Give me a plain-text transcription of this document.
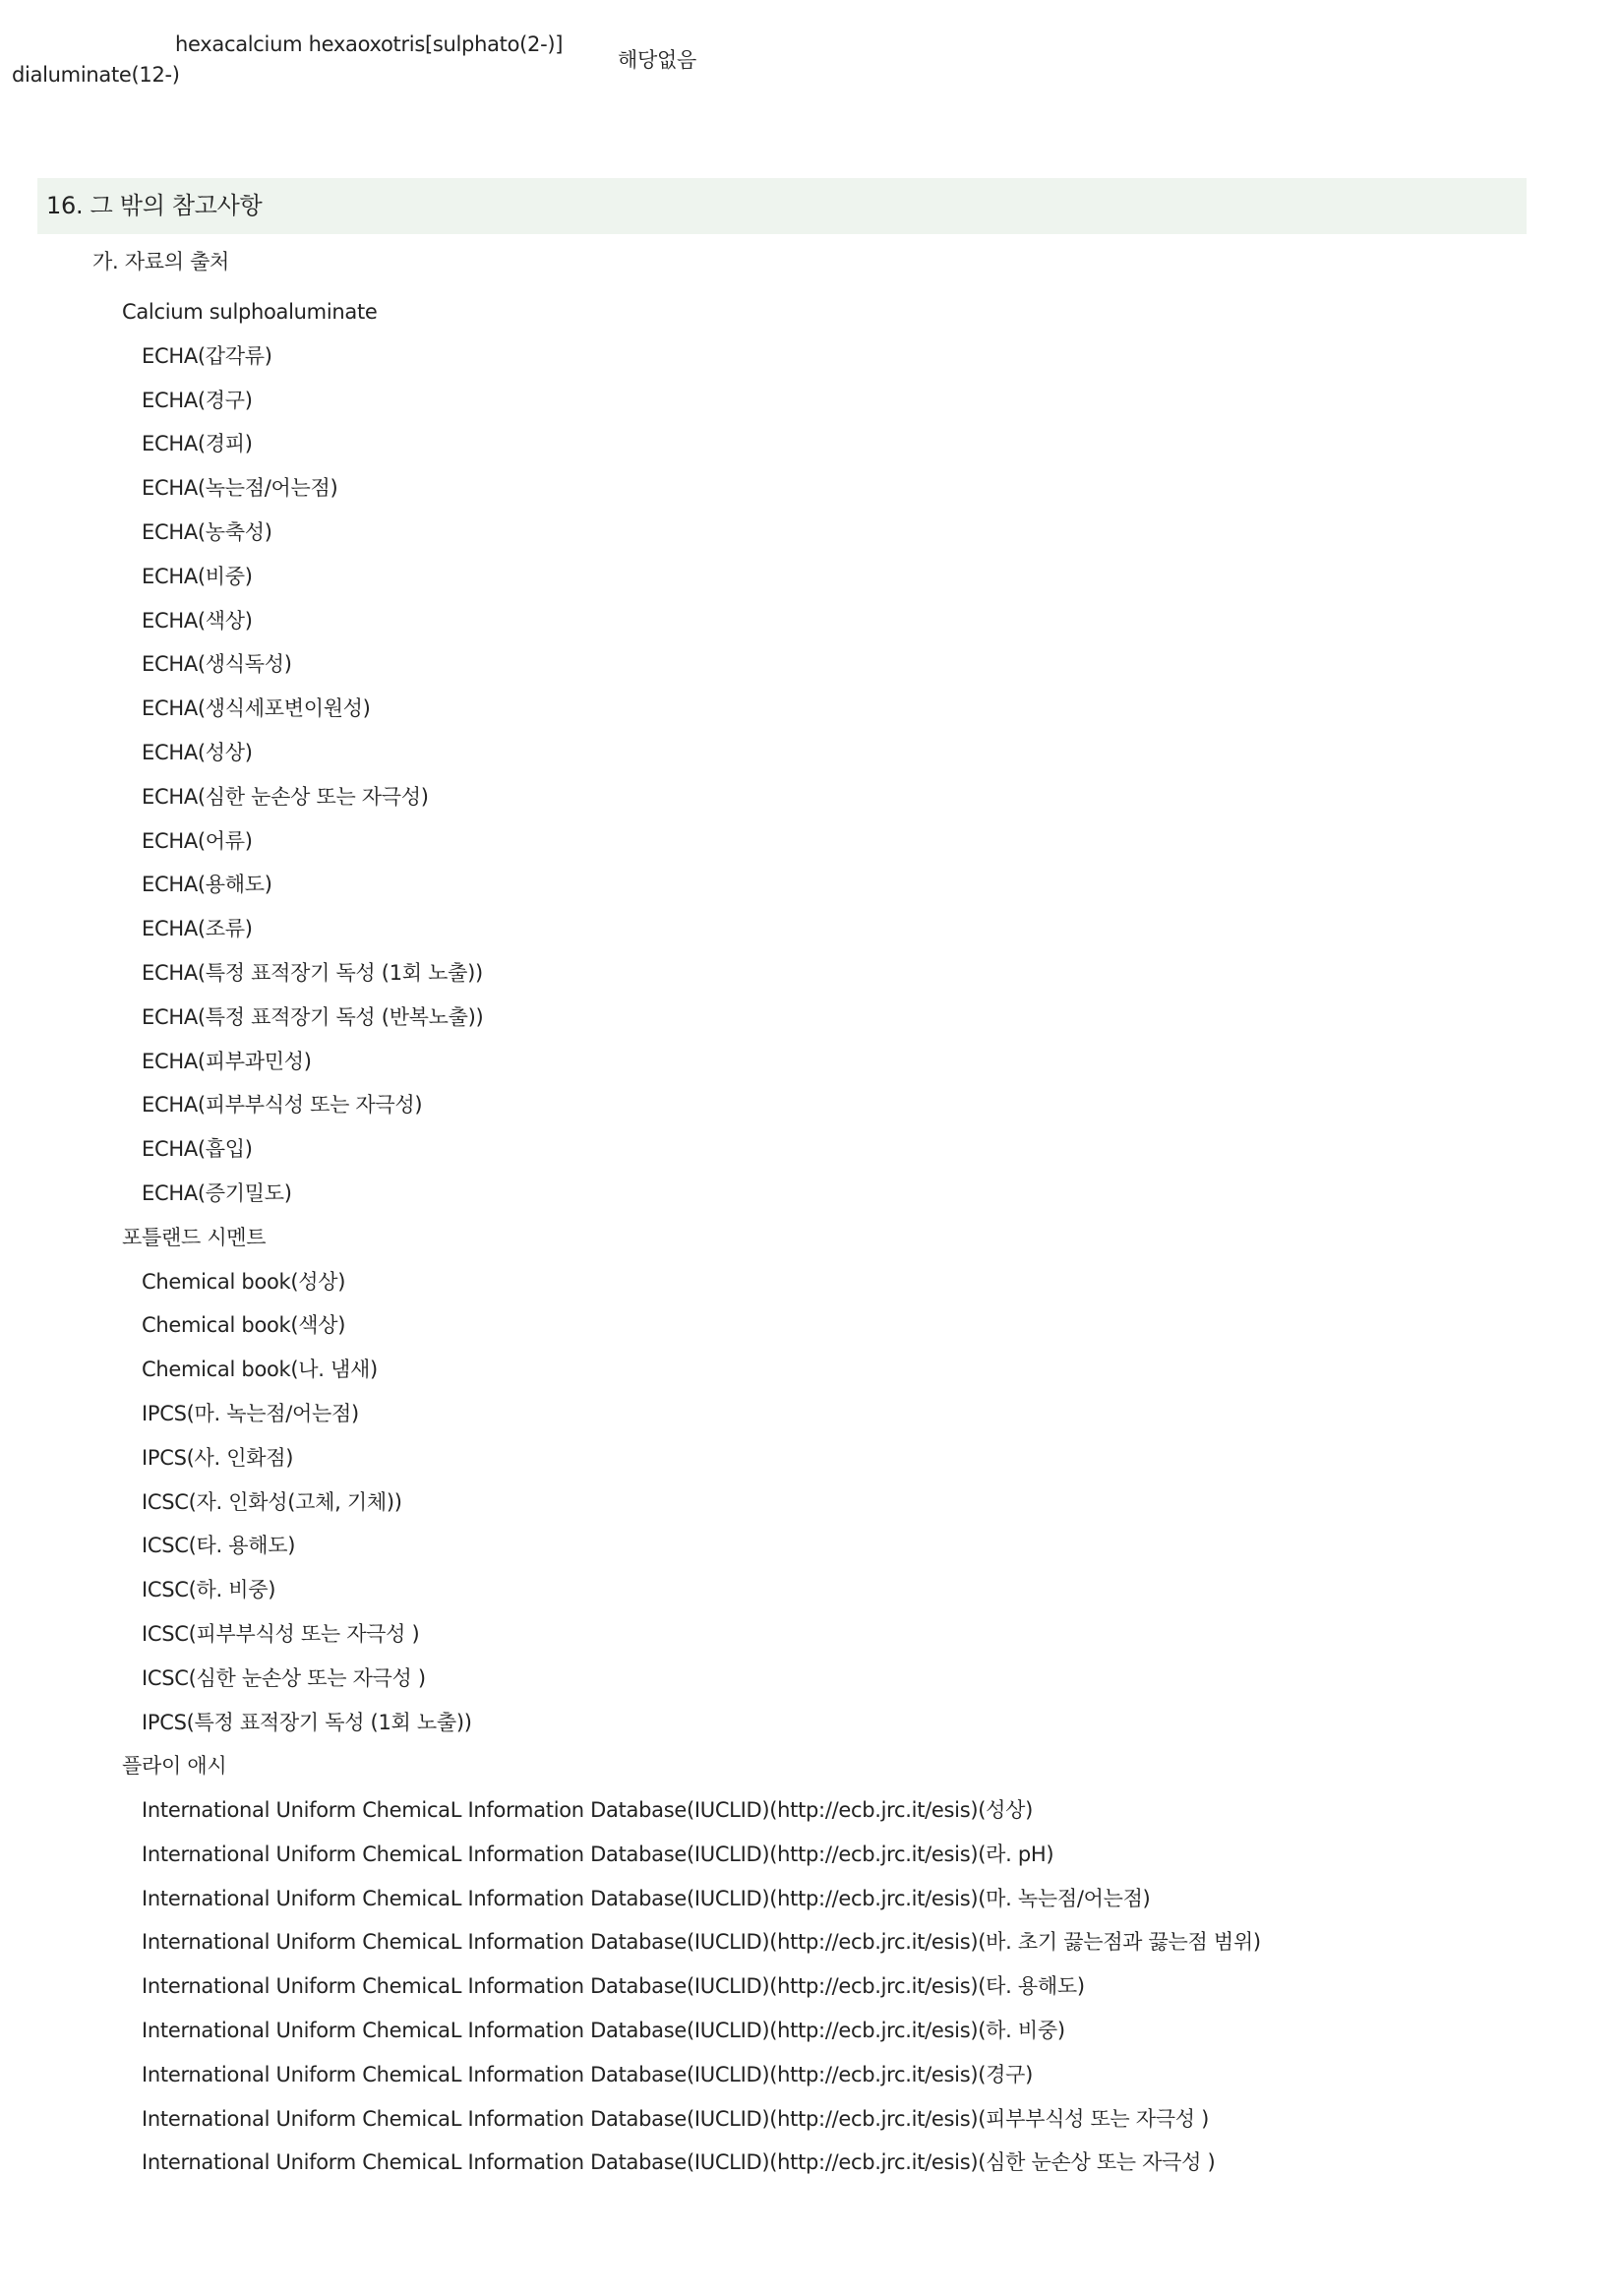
hexacalcium hexaoxotris[sulphato(2-)]
dialuminate(12-)
해당없음
16. 그 밖의 참고사항
가. 자료의 출처
Calcium sulphoaluminate
ECHA(갑각류)
ECHA(경구)
ECHA(경피)
ECHA(녹는점/어는점)
ECHA(농축성)
ECHA(비중)
ECHA(색상)
ECHA(생식독성)
ECHA(생식세포변이원성)
ECHA(성상)
ECHA(심한 눈손상 또는 자극성)
ECHA(어류)
ECHA(용해도)
ECHA(조류)
ECHA(특정 표적장기 독성 (1회 노출))
ECHA(특정 표적장기 독성 (반복노출))
ECHA(피부과민성)
ECHA(피부부식성 또는 자극성)
ECHA(흡입)
ECHA(증기밀도)
포틀랜드 시멘트
Chemical book(성상)
Chemical book(색상)
Chemical book(나. 냄새)
IPCS(마. 녹는점/어는점)
IPCS(사. 인화점)
ICSC(자. 인화성(고체, 기체))
ICSC(타. 용해도)
ICSC(하. 비중)
ICSC(피부부식성 또는 자극성 )
ICSC(심한 눈손상 또는 자극성 )
IPCS(특정 표적장기 독성 (1회 노출))
플라이 애시
International Uniform ChemicaL Information Database(IUCLID)(http://ecb.jrc.it/esis)(성상)
International Uniform ChemicaL Information Database(IUCLID)(http://ecb.jrc.it/esis)(라. pH)
International Uniform ChemicaL Information Database(IUCLID)(http://ecb.jrc.it/esis)(마. 녹는점/어는점)
International Uniform ChemicaL Information Database(IUCLID)(http://ecb.jrc.it/esis)(바. 초기 끓는점과 끓는점 범위)
International Uniform ChemicaL Information Database(IUCLID)(http://ecb.jrc.it/esis)(타. 용해도)
International Uniform ChemicaL Information Database(IUCLID)(http://ecb.jrc.it/esis)(하. 비중)
International Uniform ChemicaL Information Database(IUCLID)(http://ecb.jrc.it/esis)(경구)
International Uniform ChemicaL Information Database(IUCLID)(http://ecb.jrc.it/esis)(피부부식성 또는 자극성 )
International Uniform ChemicaL Information Database(IUCLID)(http://ecb.jrc.it/esis)(심한 눈손상 또는 자극성 )
